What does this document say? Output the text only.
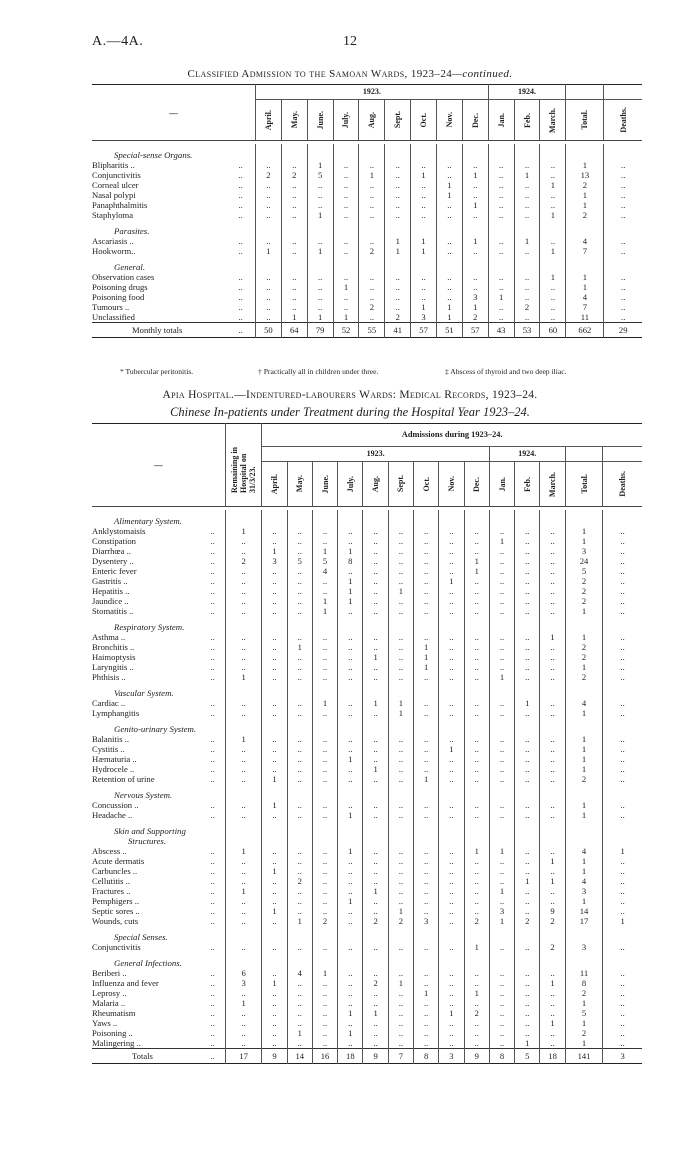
A.—4A.	12
Classified Admission to the Samoan Wards, 1923–24—continued.
—		1923.									1924.				

		April.	May.	June.	July.	Aug.	Sept.	Oct.	Nov.	Dec.	Jan.	Feb.	March.	Total.	Deaths.

Special-sense Organs.															
Blipharitis ..	..	..	..	1	..	..	..	..	..	..	..	..	..	1	..
Conjunctivitis	..	2	2	5	..	1	..	1	..	1	..	1	..	13	..
Corneal ulcer	..	..	..	..	..	..	..	..	1	..	..	..	1	2	..
Nasal polypi	..	..	..	..	..	..	..	..	1	..	..	..	..	1	..
Panaphthalmitis	..	..	..	..	..	..	..	..	..	1	..	..	..	1	..
Staphyloma	..	..	..	1	..	..	..	..	..	..	..	..	1	2	..
Parasites.															
Ascariasis ..	..	..	..	..	..	..	1	1	..	1	..	1	..	4	..
Hookworm..	..	1	..	1	..	2	1	1	..	..	..	..	1	7	..
General.															
Observation cases	..	..	..	..	..	..	..	..	..	..	..	..	1	1	..
Poisoning drugs	..	..	..	..	1	..	..	..	..	..	..	..	..	1	..
Poisoning food	..	..	..	..	..	..	..	..	..	3	1	..	..	4	..
Tumours ..	..	..	..	..	..	2	..	1	1	1	..	2	..	7	..
Unclassified	..	..	1	1	1	..	2	3	1	2	..	..	..	11	..
Monthly totals	..	50	64	79	52	55	41	57	51	57	43	53	60	662	29
* Tubercular peritonitis.	† Practically all in children under three.	‡ Abscess of thyroid and two deep iliac.
Apia Hospital.—Indentured-labourers Wards: Medical Records, 1923–24.
Chinese In-patients under Treatment during the Hospital Year 1923–24.
—		Remaining in Hospital on 31/3/23.	Admissions during 1923–24.													
			1923.									1924.				

			April.	May.	June.	July.	Aug.	Sept.	Oct.	Nov.	Dec.	Jan.	Feb.	March.	Total.	Deaths.

Alimentary System.																
Anklystomaisis	..	1	..	..	..	..	..	..	..	..	..	..	..	..	1	..
Constipation	..	..	..	..	..	..	..	..	..	..	..	1	..	..	1	..
Diarrhœa ..	..	..	1	..	1	1	..	..	..	..	..	..	..	..	3	..
Dysentery ..	..	2	3	5	5	8	..	..	..	..	1	..	..	..	24	..
Enteric fever	..	..	..	..	4	..	..	..	..	..	1	..	..	..	5	..
Gastritis ..	..	..	..	..	..	1	..	..	..	1	..	..	..	..	2	..
Hepatitis ..	..	..	..	..	..	1	..	1	..	..	..	..	..	..	2	..
Jaundice ..	..	..	..	..	1	1	..	..	..	..	..	..	..	..	2	..
Stomatitis ..	..	..	..	..	1	..	..	..	..	..	..	..	..	..	1	..
Respiratory System.																
Asthma ..	..	..	..	..	..	..	..	..	..	..	..	..	..	1	1	..
Bronchitis ..	..	..	..	1	..	..	..	..	1	..	..	..	..	..	2	..
Haimoptysis	..	..	..	..	..	..	1	..	1	..	..	..	..	..	2	..
Laryngitis ..	..	..	..	..	..	..	..	..	1	..	..	..	..	..	1	..
Phthisis ..	..	1	..	..	..	..	..	..	..	..	..	1	..	..	2	..
Vascular System.																
Cardiac ..	..	..	..	..	1	..	1	1	..	..	..	..	1	..	4	..
Lymphangitis	..	..	..	..	..	..	..	1	..	..	..	..	..	..	1	..
Genito-urinary System.																
Balanitis ..	..	1	..	..	..	..	..	..	..	..	..	..	..	..	1	..
Cystitis ..	..	..	..	..	..	..	..	..	..	1	..	..	..	..	1	..
Hæmaturia ..	..	..	..	..	..	1	..	..	..	..	..	..	..	..	1	..
Hydrocele ..	..	..	..	..	..	..	1	..	..	..	..	..	..	..	1	..
Retention of urine	..	..	1	..	..	..	..	..	1	..	..	..	..	..	2	..
Nervous System.																
Concussion ..	..	..	1	..	..	..	..	..	..	..	..	..	..	..	1	..
Headache ..	..	..	..	..	..	1	..	..	..	..	..	..	..	..	1	..
Skin and Supporting																
Structures.																
Abscess ..	..	1	..	..	..	1	..	..	..	..	1	1	..	..	4	1
Acute dermatis	..	..	..	..	..	..	..	..	..	..	..	..	..	1	1	..
Carbuncles ..	..	..	1	..	..	..	..	..	..	..	..	..	..	..	1	..
Cellutitis ..	..	..	..	2	..	..	..	..	..	..	..	..	1	1	4	..
Fractures ..	..	1	..	..	..	..	1	..	..	..	..	1	..	..	3	..
Pemphigers ..	..	..	..	..	..	1	..	..	..	..	..	..	..	..	1	..
Septic sores ..	..	..	1	..	..	..	..	1	..	..	..	3	..	9	14	..
Wounds, cuts	..	..	..	1	2	..	2	2	3	..	2	1	2	2	17	1
Special Senses.																
Conjunctivitis	..	..	..	..	..	..	..	..	..	..	1	..	..	2	3	..
General Infections.																
Beriberi ..	..	6	..	4	1	..	..	..	..	..	..	..	..	..	11	..
Influenza and fever	..	3	1	..	..	..	2	1	..	..	..	..	..	1	8	..
Leprosy ..	..	..	..	..	..	..	..	..	1	..	1	..	..	..	2	..
Malaria ..	..	1	..	..	..	..	..	..	..	..	..	..	..	..	1	..
Rheumatism	..	..	..	..	..	1	1	..	..	1	2	..	..	..	5	..
Yaws ..	..	..	..	..	..	..	..	..	..	..	..	..	..	1	1	..
Poisoning ..	..	..	..	1	..	1	..	..	..	..	..	..	..	..	2	..
Malingering ..	..	..	..	..	..	..	..	..	..	..	..	..	1	..	1	..
Totals	..	17	9	14	16	18	9	7	8	3	9	8	5	18	141	3
